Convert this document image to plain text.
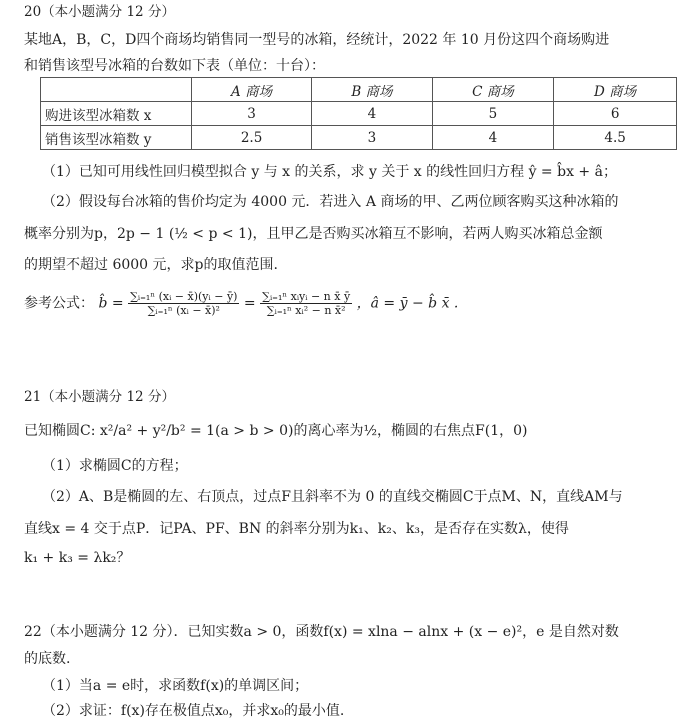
20（本小题满分 12 分）
某地A，B，C，D四个商场均销售同一型号的冰箱，经统计，2022 年 10 月份这四个商场购进
和销售该型号冰箱的台数如下表（单位：十台）：
	A 商场	B 商场	C 商场	D 商场
购进该型冰箱数 x	3	4	5	6
销售该型冰箱数 y	2.5	3	4	4.5
（1）已知可用线性回归模型拟合 y 与 x 的关系，求 y 关于 x 的线性回归方程 ŷ = b̂x + â；
（2）假设每台冰箱的售价均定为 4000 元．若进入 A 商场的甲、乙两位顾客购买这种冰箱的
概率分别为p，2p − 1 (½ < p < 1)，且甲乙是否购买冰箱互不影响，若两人购买冰箱总金额
的期望不超过 6000 元，求p的取值范围.
参考公式： b̂ = $\frac{\text{∑ᵢ₌₁ⁿ (xᵢ − x̄)(yᵢ − ȳ)}}{\text{∑ᵢ₌₁ⁿ (xᵢ − x̄)²}} = \frac{\text{∑ᵢ₌₁ⁿ xᵢyᵢ − n x̄ ȳ}}{\text{∑ᵢ₌₁ⁿ xᵢ² − n x̄²}}$ ，â = ȳ − b̂ x̄ .
21（本小题满分 12 分）
已知椭圆C: x²/a² + y²/b² = 1(a > b > 0)的离心率为½，椭圆的右焦点F(1，0)
（1）求椭圆C的方程；
（2）A、B是椭圆的左、右顶点，过点F且斜率不为 0 的直线交椭圆C于点M、N，直线AM与
直线x = 4 交于点P．记PA、PF、BN 的斜率分别为k₁、k₂、k₃，是否存在实数λ，使得
k₁ + k₃ = λk₂？
22（本小题满分 12 分）．已知实数a > 0，函数f(x) = xlna − alnx + (x − e)²，e 是自然对数
的底数.
（1）当a = e时，求函数f(x)的单调区间；
（2）求证：f(x)存在极值点x₀，并求x₀的最小值.
